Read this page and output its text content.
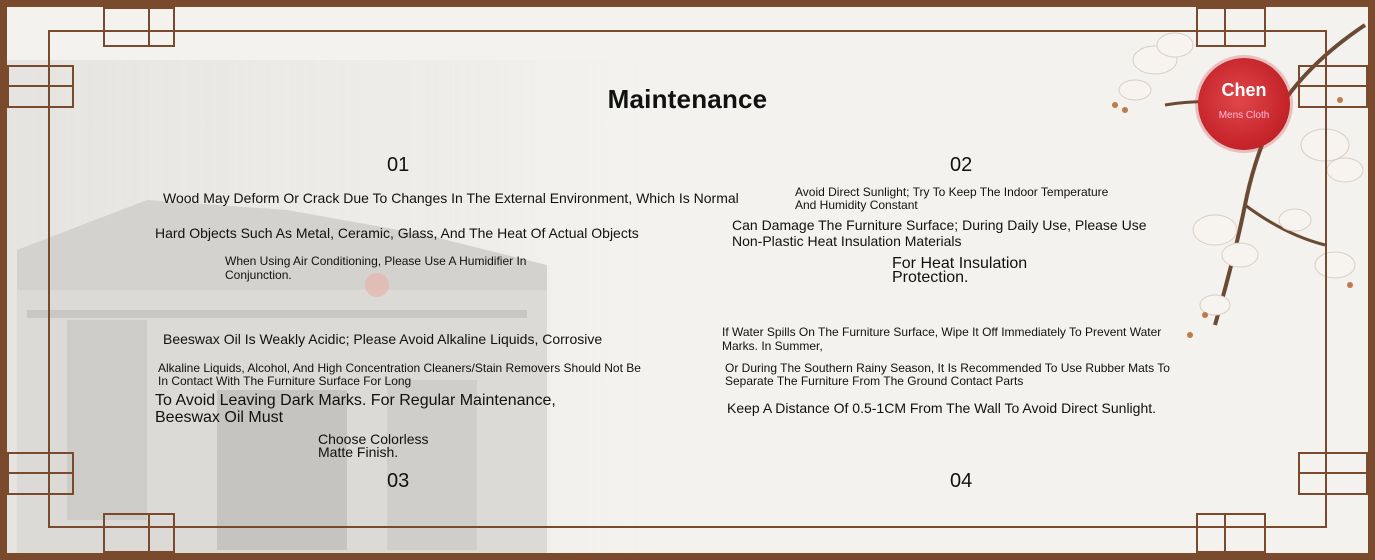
Chen
Mens Cloth
Maintenance
01	02
03	04
Wood May Deform Or Crack Due To Changes In The External Environment, Which Is Normal
Hard Objects Such As Metal, Ceramic, Glass, And The Heat Of Actual Objects
When Using Air Conditioning, Please Use A Humidifier In
Conjunction.
Avoid Direct Sunlight; Try To Keep The Indoor Temperature
And Humidity Constant
Can Damage The Furniture Surface; During Daily Use, Please Use
Non-Plastic Heat Insulation Materials
For Heat Insulation
Protection.
Beeswax Oil Is Weakly Acidic; Please Avoid Alkaline Liquids, Corrosive
Alkaline Liquids, Alcohol, And High Concentration Cleaners/Stain Removers Should Not Be
In Contact With The Furniture Surface For Long
To Avoid Leaving Dark Marks. For Regular Maintenance,
Beeswax Oil Must
Choose Colorless
Matte Finish.
If Water Spills On The Furniture Surface, Wipe It Off Immediately To Prevent Water
Marks. In Summer,
Or During The Southern Rainy Season, It Is Recommended To Use Rubber Mats To
Separate The Furniture From The Ground Contact Parts
Keep A Distance Of 0.5-1CM From The Wall To Avoid Direct Sunlight.
